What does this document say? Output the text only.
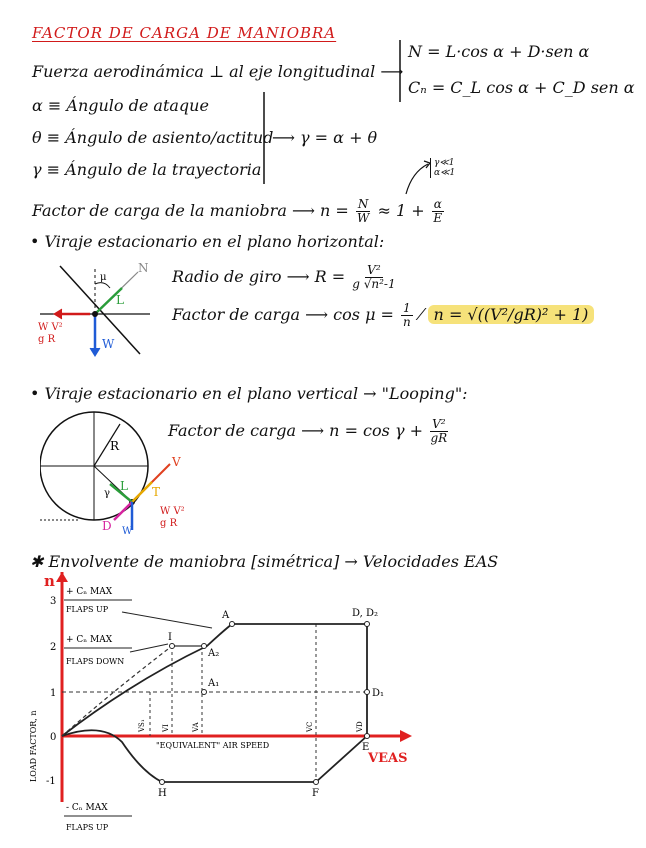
FACTOR DE CARGA DE MANIOBRA
Fuerza aerodinámica ⊥ al eje longitudinal ⟶
N = L·cos α + D·sen α
Cₙ = C_L cos α + C_D sen α
α ≡ Ángulo de ataque
θ ≡ Ángulo de asiento/actitud
γ ≡ Ángulo de la trayectoria
⟶ γ = α + θ
γ≪1
α≪1
Factor de carga de la maniobra ⟶ $n = \frac{N}{W} \approx 1 + \frac{\alpha}{E}$
• Viraje estacionario en el plano horizontal:
μ
N
L
W
W V²
g R
Radio de giro ⟶ $R = \frac{\text{V²}}{\text{g √n²-1}}$
Factor de carga ⟶ $\cos \mu = \frac{1}{n}$ ⁄ n = √((V²/gR)² + 1)
• Viraje estacionario en el plano vertical → "Looping":
Factor de carga ⟶ $n = \cos \gamma + \frac{\text{V²}}{gR}$
R
V
T
L
D W
γ
W V²
g R
✱ Envolvente de maniobra [simétrica] → Velocidades EAS
n
VEAS
LOAD FACTOR, n
3
2
1
0
-1
A
A₂
A₁
I
D, D₂
D₁
E
F
H
"EQUIVALENT" AIR SPEED
VS₁ VI	VA	VC	VD
+ Cₙ MAX
FLAPS UP
+ Cₙ MAX
FLAPS DOWN
- Cₙ MAX
FLAPS UP
